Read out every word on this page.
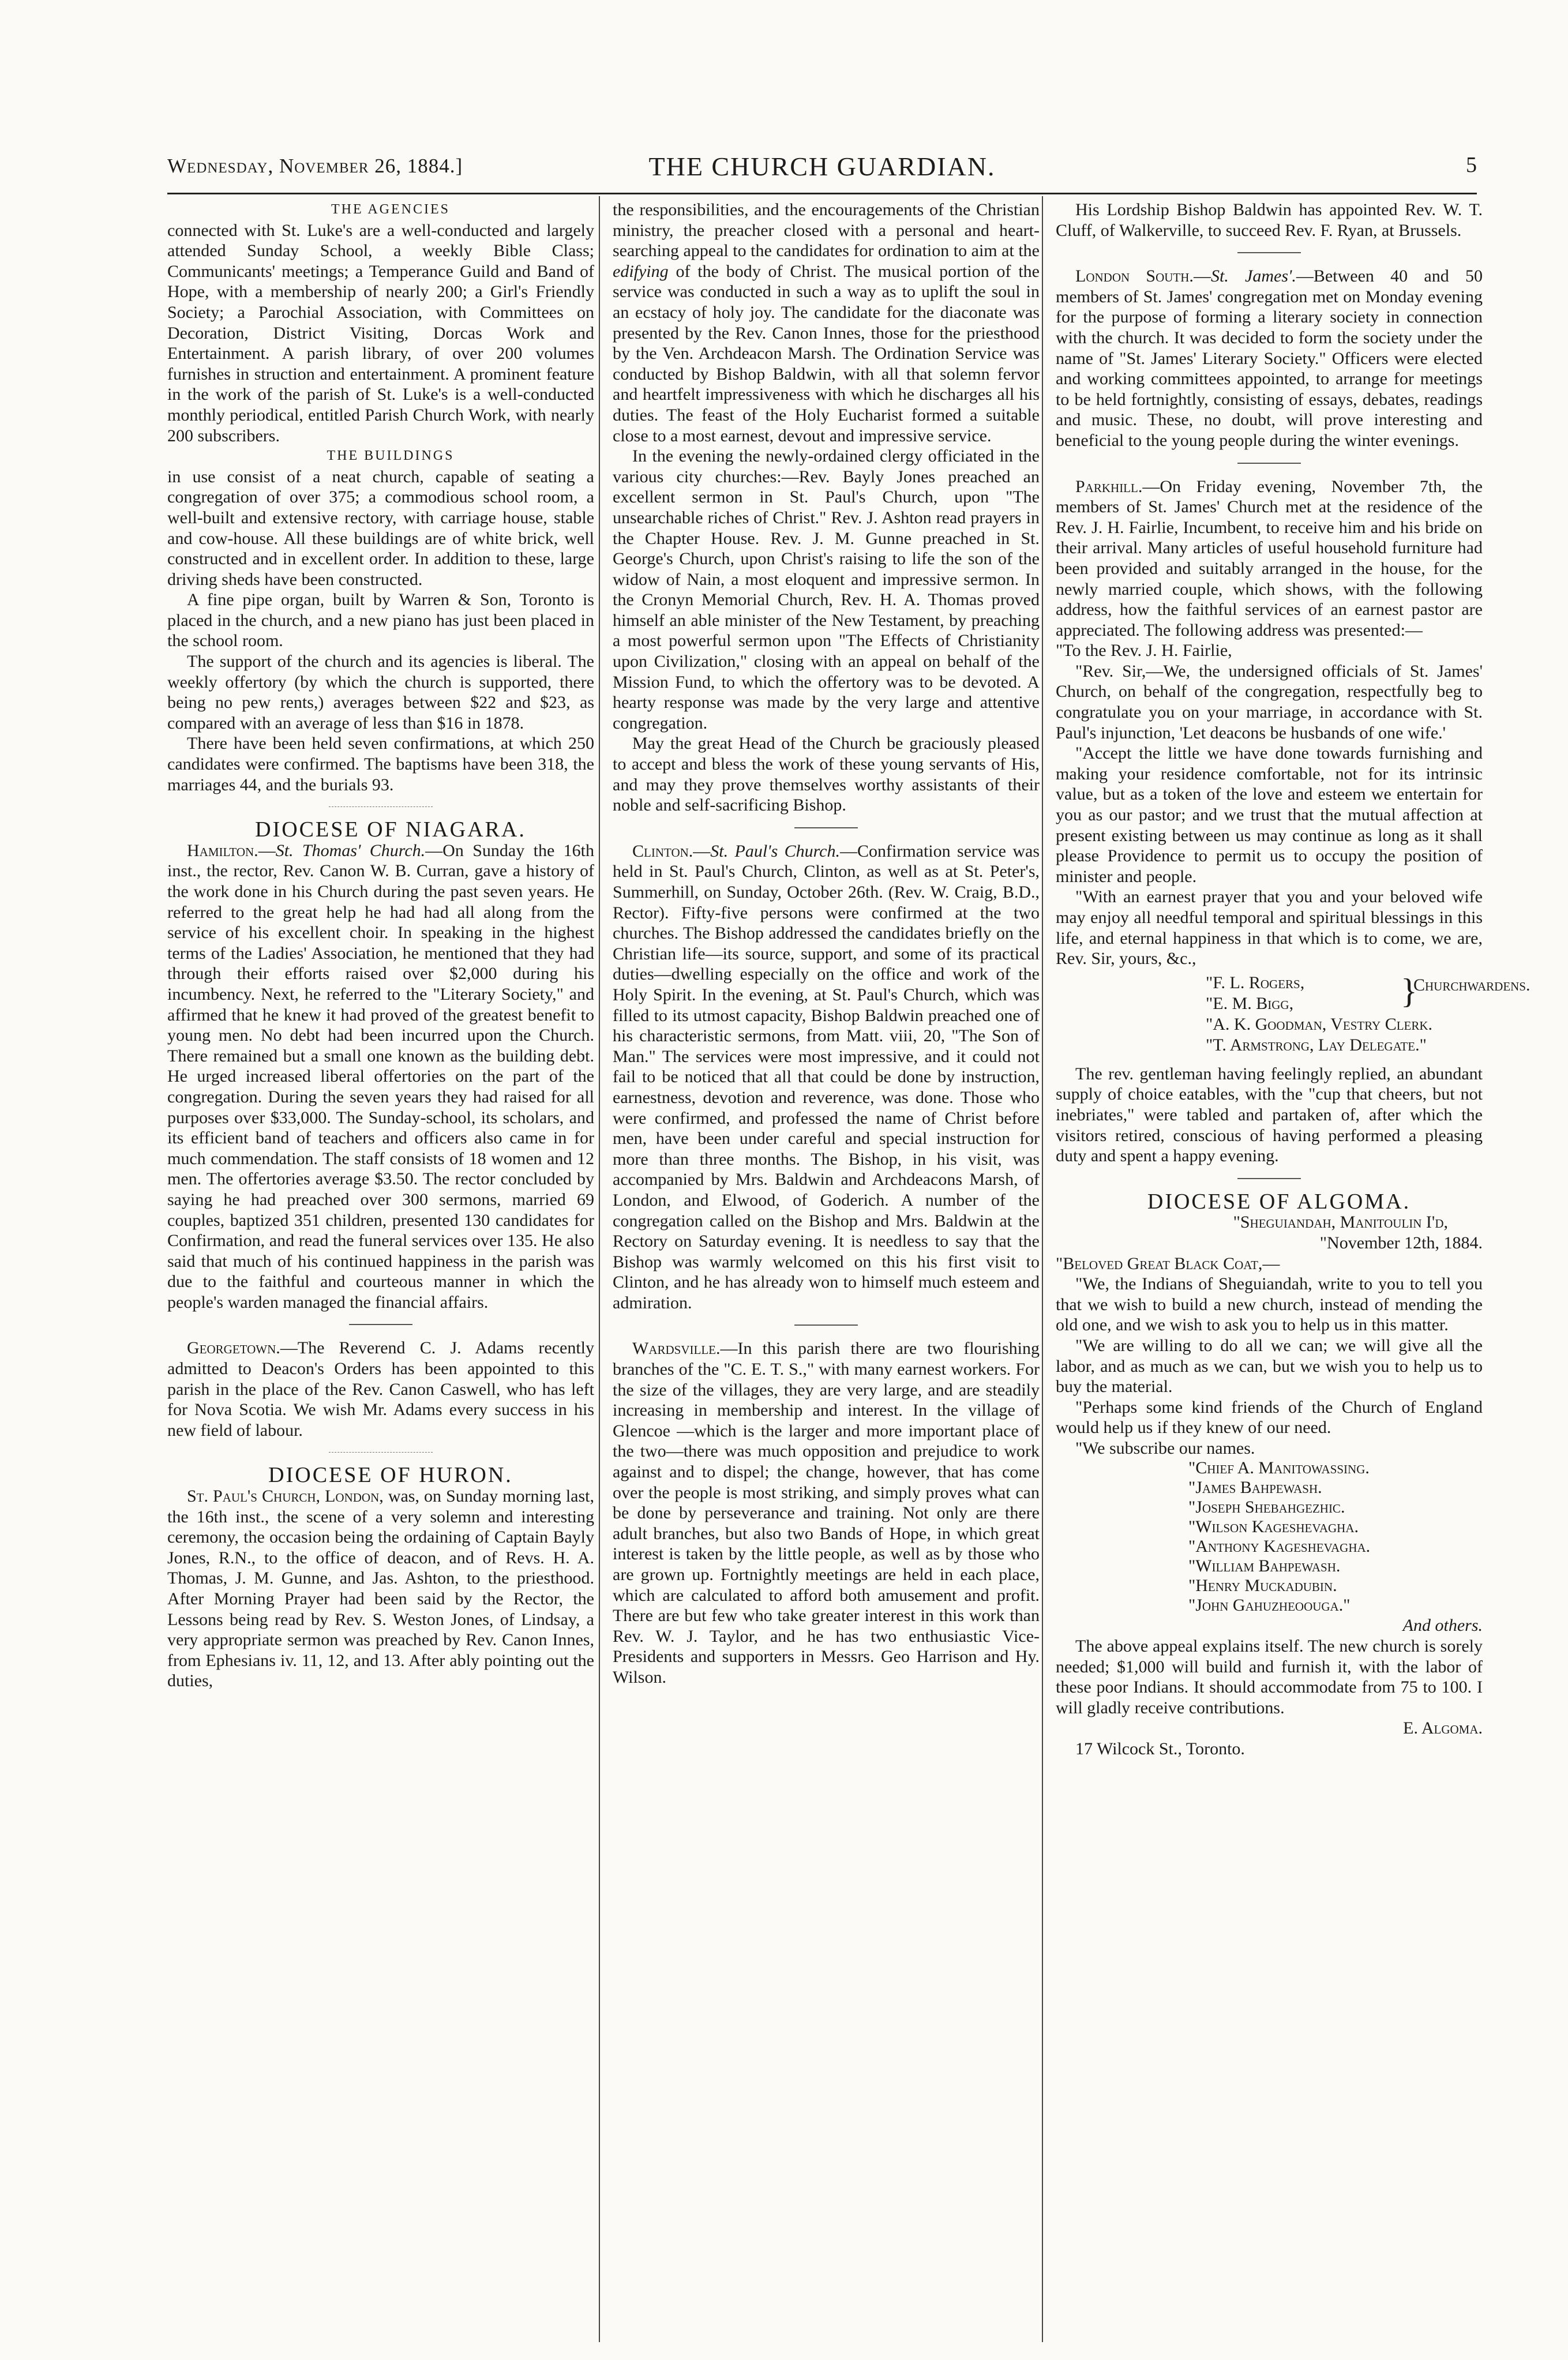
Wednesday, November 26, 1884.]	THE CHURCH GUARDIAN.	5

THE AGENCIES

connected with St. Luke's are a well-conducted and largely attended Sunday School, a weekly Bible Class; Communicants' meetings; a Temperance Guild and Band of Hope, with a membership of nearly 200; a Girl's Friendly Society; a Parochial Association, with Committees on Decoration, District Visiting, Dorcas Work and Entertainment. A parish library, of over 200 volumes furnishes in struction and entertainment. A prominent feature in the work of the parish of St. Luke's is a well-conducted monthly periodical, entitled Parish Church Work, with nearly 200 subscribers.

THE BUILDINGS

in use consist of a neat church, capable of seating a congregation of over 375; a commodious school room, a well-built and extensive rectory, with carriage house, stable and cow-house. All these buildings are of white brick, well constructed and in excellent order. In addition to these, large driving sheds have been constructed.

A fine pipe organ, built by Warren & Son, Toronto is placed in the church, and a new piano has just been placed in the school room.

The support of the church and its agencies is liberal. The weekly offertory (by which the church is supported, there being no pew rents,) averages between $22 and $23, as compared with an average of less than $16 in 1878.

There have been held seven confirmations, at which 250 candidates were confirmed. The baptisms have been 318, the marriages 44, and the burials 93.

DIOCESE OF NIAGARA.

Hamilton.—St. Thomas' Church.—On Sunday the 16th inst., the rector, Rev. Canon W. B. Curran, gave a history of the work done in his Church during the past seven years. He referred to the great help he had had all along from the service of his excellent choir. In speaking in the highest terms of the Ladies' Association, he mentioned that they had through their efforts raised over $2,000 during his incumbency. Next, he referred to the "Literary Society," and affirmed that he knew it had proved of the greatest benefit to young men. No debt had been incurred upon the Church. There remained but a small one known as the building debt. He urged increased liberal offertories on the part of the congregation. During the seven years they had raised for all purposes over $33,000. The Sunday-school, its scholars, and its efficient band of teachers and officers also came in for much commendation. The staff consists of 18 women and 12 men. The offertories average $3.50. The rector concluded by saying he had preached over 300 sermons, married 69 couples, baptized 351 children, presented 130 candidates for Confirmation, and read the funeral services over 135. He also said that much of his continued happiness in the parish was due to the faithful and courteous manner in which the people's warden managed the financial affairs.

Georgetown.—The Reverend C. J. Adams recently admitted to Deacon's Orders has been appointed to this parish in the place of the Rev. Canon Caswell, who has left for Nova Scotia. We wish Mr. Adams every success in his new field of labour.

DIOCESE OF HURON.

St. Paul's Church, London, was, on Sunday morning last, the 16th inst., the scene of a very solemn and interesting ceremony, the occasion being the ordaining of Captain Bayly Jones, R.N., to the office of deacon, and of Revs. H. A. Thomas, J. M. Gunne, and Jas. Ashton, to the priesthood. After Morning Prayer had been said by the Rector, the Lessons being read by Rev. S. Weston Jones, of Lindsay, a very appropriate sermon was preached by Rev. Canon Innes, from Ephesians iv. 11, 12, and 13. After ably pointing out the duties,

the responsibilities, and the encouragements of the Christian ministry, the preacher closed with a personal and heart-searching appeal to the candidates for ordination to aim at the edifying of the body of Christ. The musical portion of the service was conducted in such a way as to uplift the soul in an ecstacy of holy joy. The candidate for the diaconate was presented by the Rev. Canon Innes, those for the priesthood by the Ven. Archdeacon Marsh. The Ordination Service was conducted by Bishop Baldwin, with all that solemn fervor and heartfelt impressiveness with which he discharges all his duties. The feast of the Holy Eucharist formed a suitable close to a most earnest, devout and impressive service.

In the evening the newly-ordained clergy officiated in the various city churches:—Rev. Bayly Jones preached an excellent sermon in St. Paul's Church, upon "The unsearchable riches of Christ." Rev. J. Ashton read prayers in the Chapter House. Rev. J. M. Gunne preached in St. George's Church, upon Christ's raising to life the son of the widow of Nain, a most eloquent and impressive sermon. In the Cronyn Memorial Church, Rev. H. A. Thomas proved himself an able minister of the New Testament, by preaching a most powerful sermon upon "The Effects of Christianity upon Civilization," closing with an appeal on behalf of the Mission Fund, to which the offertory was to be devoted. A hearty response was made by the very large and attentive congregation.

May the great Head of the Church be graciously pleased to accept and bless the work of these young servants of His, and may they prove themselves worthy assistants of their noble and self-sacrificing Bishop.

Clinton.—St. Paul's Church.—Confirmation service was held in St. Paul's Church, Clinton, as well as at St. Peter's, Summerhill, on Sunday, October 26th. (Rev. W. Craig, B.D., Rector). Fifty-five persons were confirmed at the two churches. The Bishop addressed the candidates briefly on the Christian life—its source, support, and some of its practical duties—dwelling especially on the office and work of the Holy Spirit. In the evening, at St. Paul's Church, which was filled to its utmost capacity, Bishop Baldwin preached one of his characteristic sermons, from Matt. viii, 20, "The Son of Man." The services were most impressive, and it could not fail to be noticed that all that could be done by instruction, earnestness, devotion and reverence, was done. Those who were confirmed, and professed the name of Christ before men, have been under careful and special instruction for more than three months. The Bishop, in his visit, was accompanied by Mrs. Baldwin and Archdeacons Marsh, of London, and Elwood, of Goderich. A number of the congregation called on the Bishop and Mrs. Baldwin at the Rectory on Saturday evening. It is needless to say that the Bishop was warmly welcomed on this his first visit to Clinton, and he has already won to himself much esteem and admiration.

Wardsville.—In this parish there are two flourishing branches of the "C. E. T. S.," with many earnest workers. For the size of the villages, they are very large, and are steadily increasing in membership and interest. In the village of Glencoe —which is the larger and more important place of the two—there was much opposition and prejudice to work against and to dispel; the change, however, that has come over the people is most striking, and simply proves what can be done by perseverance and training. Not only are there adult branches, but also two Bands of Hope, in which great interest is taken by the little people, as well as by those who are grown up. Fortnightly meetings are held in each place, which are calculated to afford both amusement and profit. There are but few who take greater interest in this work than Rev. W. J. Taylor, and he has two enthusiastic Vice-Presidents and supporters in Messrs. Geo Harrison and Hy. Wilson.

His Lordship Bishop Baldwin has appointed Rev. W. T. Cluff, of Walkerville, to succeed Rev. F. Ryan, at Brussels.

London South.—St. James'.—Between 40 and 50 members of St. James' congregation met on Monday evening for the purpose of forming a literary society in connection with the church. It was decided to form the society under the name of "St. James' Literary Society." Officers were elected and working committees appointed, to arrange for meetings to be held fortnightly, consisting of essays, debates, readings and music. These, no doubt, will prove interesting and beneficial to the young people during the winter evenings.

Parkhill.—On Friday evening, November 7th, the members of St. James' Church met at the residence of the Rev. J. H. Fairlie, Incumbent, to receive him and his bride on their arrival. Many articles of useful household furniture had been provided and suitably arranged in the house, for the newly married couple, which shows, with the following address, how the faithful services of an earnest pastor are appreciated. The following address was presented:—

"To the Rev. J. H. Fairlie,

"Rev. Sir,—We, the undersigned officials of St. James' Church, on behalf of the congregation, respectfully beg to congratulate you on your marriage, in accordance with St. Paul's injunction, 'Let deacons be husbands of one wife.'

"Accept the little we have done towards furnishing and making your residence comfortable, not for its intrinsic value, but as a token of the love and esteem we entertain for you as our pastor; and we trust that the mutual affection at present existing between us may continue as long as it shall please Providence to permit us to occupy the position of minister and people.

"With an earnest prayer that you and your beloved wife may enjoy all needful temporal and spiritual blessings in this life, and eternal happiness in that which is to come, we are, Rev. Sir, yours, &c.,

"F. L. Rogers,
"E. M. Bigg,	}
Churchwardens.
"A. K. Goodman, Vestry Clerk.
"T. Armstrong, Lay Delegate."

The rev. gentleman having feelingly replied, an abundant supply of choice eatables, with the "cup that cheers, but not inebriates," were tabled and partaken of, after which the visitors retired, conscious of having performed a pleasing duty and spent a happy evening.

DIOCESE OF ALGOMA.

"Sheguiandah, Manitoulin I'd,

"November 12th, 1884.

"Beloved Great Black Coat,—

"We, the Indians of Sheguiandah, write to you to tell you that we wish to build a new church, instead of mending the old one, and we wish to ask you to help us in this matter.

"We are willing to do all we can; we will give all the labor, and as much as we can, but we wish you to help us to buy the material.

"Perhaps some kind friends of the Church of England would help us if they knew of our need.

"We subscribe our names.

"Chief A. Manitowassing.
"James Bahpewash.
"Joseph Shebahgezhic.
"Wilson Kageshevagha.
"Anthony Kageshevagha.
"William Bahpewash.
"Henry Muckadubin.
"John Gahuzheoouga."

And others.

The above appeal explains itself. The new church is sorely needed; $1,000 will build and furnish it, with the labor of these poor Indians. It should accommodate from 75 to 100. I will gladly receive contributions.

E. Algoma.

17 Wilcock St., Toronto.
